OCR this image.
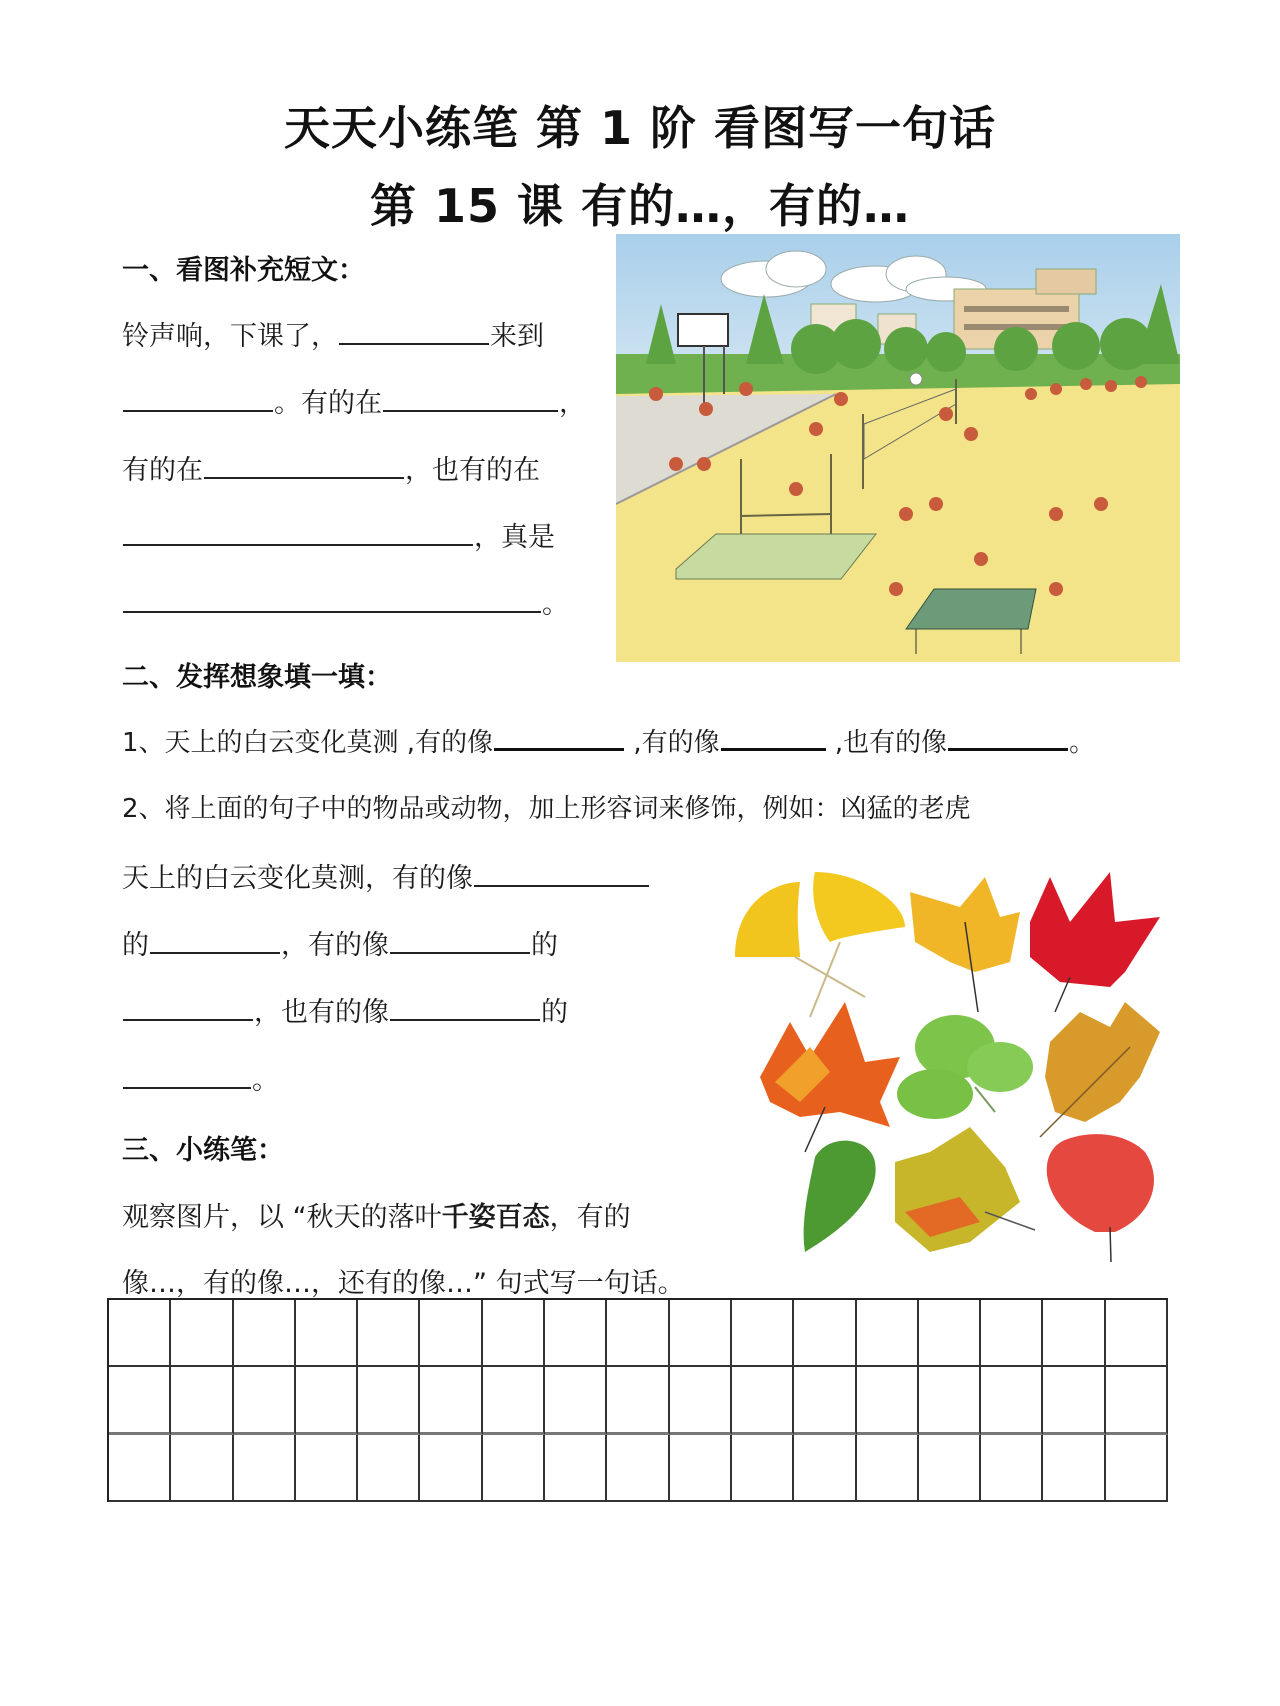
天天小练笔 第 1 阶 看图写一句话
第 15 课 有的…，有的…
一、看图补充短文：
铃声响，下课了，	来到
。有的在	，
有的在	，也有的在
，真是
。
二、发挥想象填一填：
1、天上的白云变化莫测 ,有的像	,有的像	,也有的像	。
2、将上面的句子中的物品或动物，加上形容词来修饰，例如：凶猛的老虎
天上的白云变化莫测，有的像
的	，有的像	的
，也有的像	的
。
三、小练笔：
观察图片，以 “秋天的落叶千姿百态，有的
像…，有的像…，还有的像…” 句式写一句话。
